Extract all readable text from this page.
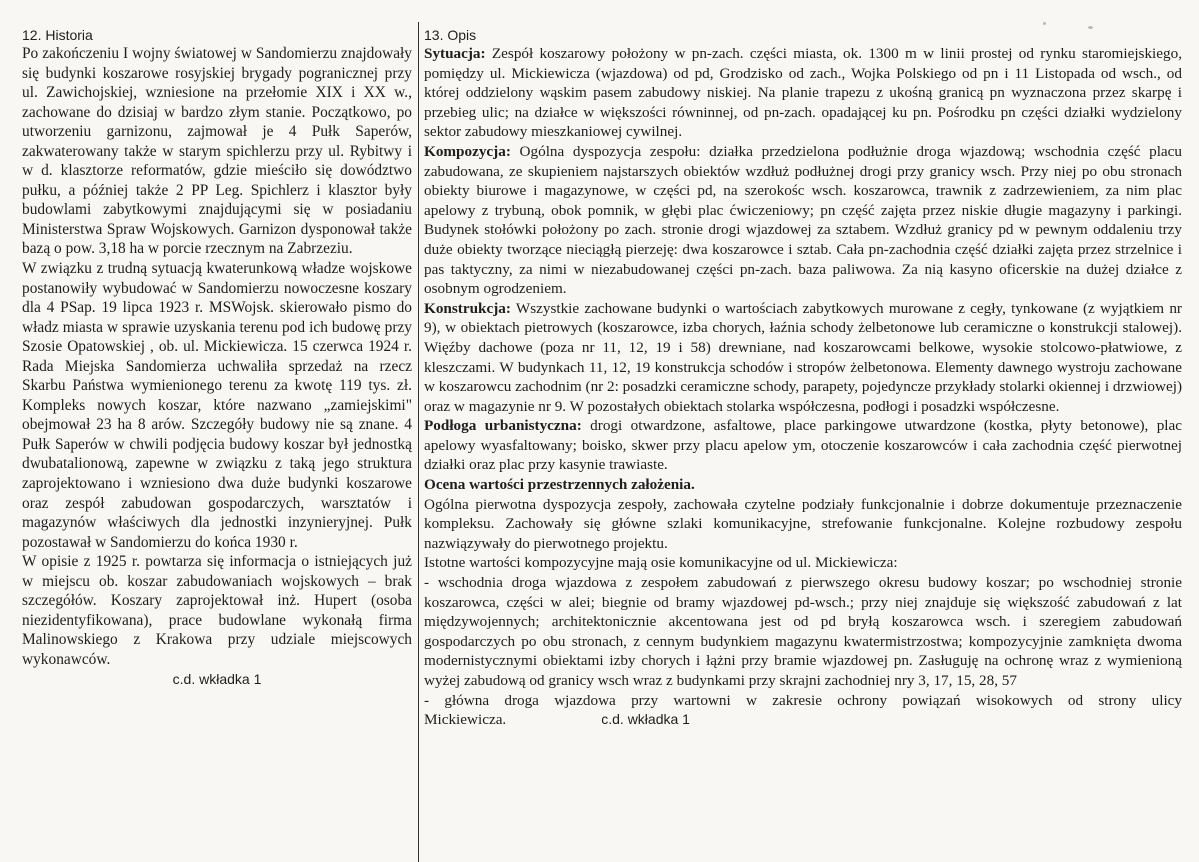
12. Historia

Po zakończeniu I wojny światowej w Sandomierzu znajdowały się budynki koszarowe rosyjskiej brygady pogranicznej przy ul. Zawichojskiej, wzniesione na przełomie XIX i XX w., zachowane do dzisiaj w bardzo złym stanie. Początkowo, po utworzeniu garnizonu, zajmował je 4 Pułk Saperów, zakwaterowany także w starym spichlerzu przy ul. Rybitwy i w d. klasztorze reformatów, gdzie mieściło się dowództwo pułku, a później także 2 PP Leg. Spichlerz i klasztor były budowlami zabytkowymi znajdującymi się w posiadaniu Ministerstwa Spraw Wojskowych. Garnizon dysponował także bazą o pow. 3,18 ha w porcie rzecznym na Zabrzeziu.

W związku z trudną sytuacją kwaterunkową władze wojskowe postanowiły wybudować w Sandomierzu nowoczesne koszary dla 4 PSap. 19 lipca 1923 r. MSWojsk. skierowało pismo do władz miasta w sprawie uzyskania terenu pod ich budowę przy Szosie Opatowskiej , ob. ul. Mickiewicza. 15 czerwca 1924 r. Rada Miejska Sandomierza uchwaliła sprzedaż na rzecz Skarbu Państwa wymienionego terenu za kwotę 119 tys. zł. Kompleks nowych koszar, które nazwano „zamiejskimi" obejmował 23 ha 8 arów. Szczegóły budowy nie są znane. 4 Pułk Saperów w chwili podjęcia budowy koszar był jednostką dwubatalionową, zapewne w związku z taką jego struktura zaprojektowano i wzniesiono dwa duże budynki koszarowe oraz zespół zabudowan gospodarczych, warsztatów i magazynów właściwych dla jednostki inzynieryjnej. Pułk pozostawał w Sandomierzu do końca 1930 r.

W opisie z 1925 r. powtarza się informacja o istniejących już w miejscu ob. koszar zabudowaniach wojskowych – brak szczegółów. Koszary zaprojektował inż. Hupert (osoba niezidentyfikowana), prace budowlane wykonałą firma Malinowskiego z Krakowa przy udziale miejscowych wykonawców.

c.d. wkładka 1

13. Opis

Sytuacja: Zespół koszarowy położony w pn-zach. części miasta, ok. 1300 m w linii prostej od rynku staromiejskiego, pomiędzy ul. Mickiewicza (wjazdowa) od pd, Grodzisko od zach., Wojka Polskiego od pn i 11 Listopada od wsch., od której oddzielony wąskim pasem zabudowy niskiej. Na planie trapezu z ukośną granicą pn wyznaczona przez skarpę i przebieg ulic; na działce w większości równinnej, od pn-zach. opadającej ku pn. Pośrodku pn części działki wydzielony sektor zabudowy mieszkaniowej cywilnej.

Kompozycja: Ogólna dyspozycja zespołu: działka przedzielona podłużnie droga wjazdową; wschodnia część placu zabudowana, ze skupieniem najstarszych obiektów wzdłuż podłużnej drogi przy granicy wsch. Przy niej po obu stronach obiekty biurowe i magazynowe, w części pd, na szerokośc wsch. koszarowca, trawnik z zadrzewieniem, za nim plac apelowy z trybuną, obok pomnik, w głębi plac ćwiczeniowy; pn część zajęta przez niskie długie magazyny i parkingi. Budynek stołówki położony po zach. stronie drogi wjazdowej za sztabem. Wzdłuż granicy pd w pewnym oddaleniu trzy duże obiekty tworzące nieciągłą pierzeję: dwa koszarowce i sztab. Cała pn-zachodnia część działki zajęta przez strzelnice i pas taktyczny, za nimi w niezabudowanej części pn-zach. baza paliwowa. Za nią kasyno oficerskie na dużej działce z osobnym ogrodzeniem.

Konstrukcja: Wszystkie zachowane budynki o wartościach zabytkowych murowane z cegły, tynkowane (z wyjątkiem nr 9), w obiektach pietrowych (koszarowce, izba chorych, łaźnia schody żelbetonowe lub ceramiczne o konstrukcji stalowej). Więźby dachowe (poza nr 11, 12, 19 i 58) drewniane, nad koszarowcami belkowe, wysokie stolcowo-płatwiowe, z kleszczami. W budynkach 11, 12, 19 konstrukcja schodów i stropów żelbetonowa. Elementy dawnego wystroju zachowane w koszarowcu zachodnim (nr 2: posadzki ceramiczne schody, parapety, pojedyncze przykłady stolarki okiennej i drzwiowej) oraz w magazynie nr 9. W pozostałych obiektach stolarka współczesna, podłogi i posadzki współczesne.

Podłoga urbanistyczna: drogi otwardzone, asfaltowe, place parkingowe utwardzone (kostka, płyty betonowe), plac apelowy wyasfaltowany; boisko, skwer przy placu apelow ym, otoczenie koszarowców i cała zachodnia część pierwotnej działki oraz plac przy kasynie trawiaste.

Ocena wartości przestrzennych założenia.

Ogólna pierwotna dyspozycja zespoły, zachowała czytelne podziały funkcjonalnie i dobrze dokumentuje przeznaczenie kompleksu. Zachowały się główne szlaki komunikacyjne, strefowanie funkcjonalne. Kolejne rozbudowy zespołu nazwiązywały do pierwotnego projektu.

Istotne wartości kompozycyjne mają osie komunikacyjne od ul. Mickiewicza:

- wschodnia droga wjazdowa z zespołem zabudowań z pierwszego okresu budowy koszar; po wschodniej stronie koszarowca, części w alei; biegnie od bramy wjazdowej pd-wsch.; przy niej znajduje się większość zabudowań z lat międzywojennych; architektonicznie akcentowana jest od pd bryłą koszarowca wsch. i szeregiem zabudowań gospodarczych po obu stronach, z cennym budynkiem magazynu kwatermistrzostwa; kompozycyjnie zamknięta dwoma modernistycznymi obiektami izby chorych i łążni przy bramie wjazdowej pn. Zasługuję na ochronę wraz z wymienioną wyżej zabudową od granicy wsch wraz z budynkami przy skrajni zachodniej nry 3, 17, 15, 28, 57

- główna droga wjazdowa przy wartowni w zakresie ochrony powiązań wisokowych od strony ulicy Mickiewicza.	c.d. wkładka 1
